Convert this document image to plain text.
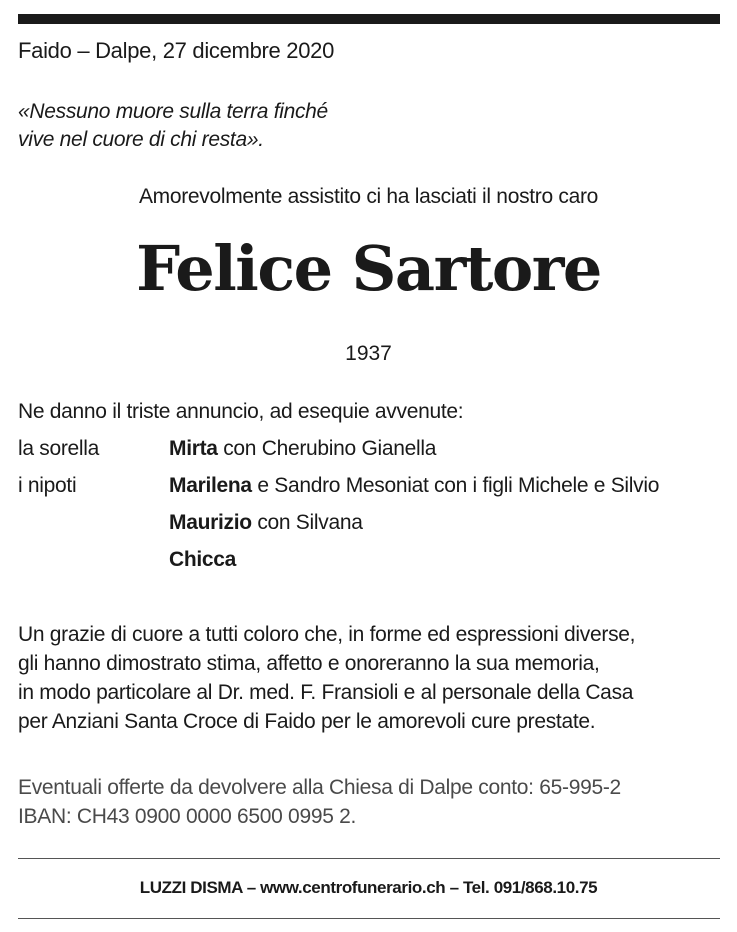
Faido – Dalpe, 27 dicembre 2020
«Nessuno muore sulla terra finché
vive nel cuore di chi resta».
Amorevolmente assistito ci ha lasciati il nostro caro
Felice Sartore
1937
Ne danno il triste annuncio, ad esequie avvenute:
la sorella	Mirta con Cherubino Gianella
i nipoti	Marilena e Sandro Mesoniat con i figli Michele e Silvio
Maurizio con Silvana
Chicca
Un grazie di cuore a tutti coloro che, in forme ed espressioni diverse,
gli hanno dimostrato stima, affetto e onoreranno la sua memoria,
in modo particolare al Dr. med. F. Fransioli e al personale della Casa
per Anziani Santa Croce di Faido per le amorevoli cure prestate.
Eventuali offerte da devolvere alla Chiesa di Dalpe conto: 65-995-2
IBAN: CH43 0900 0000 6500 0995 2.
LUZZI DISMA – www.centrofunerario.ch – Tel. 091/868.10.75
